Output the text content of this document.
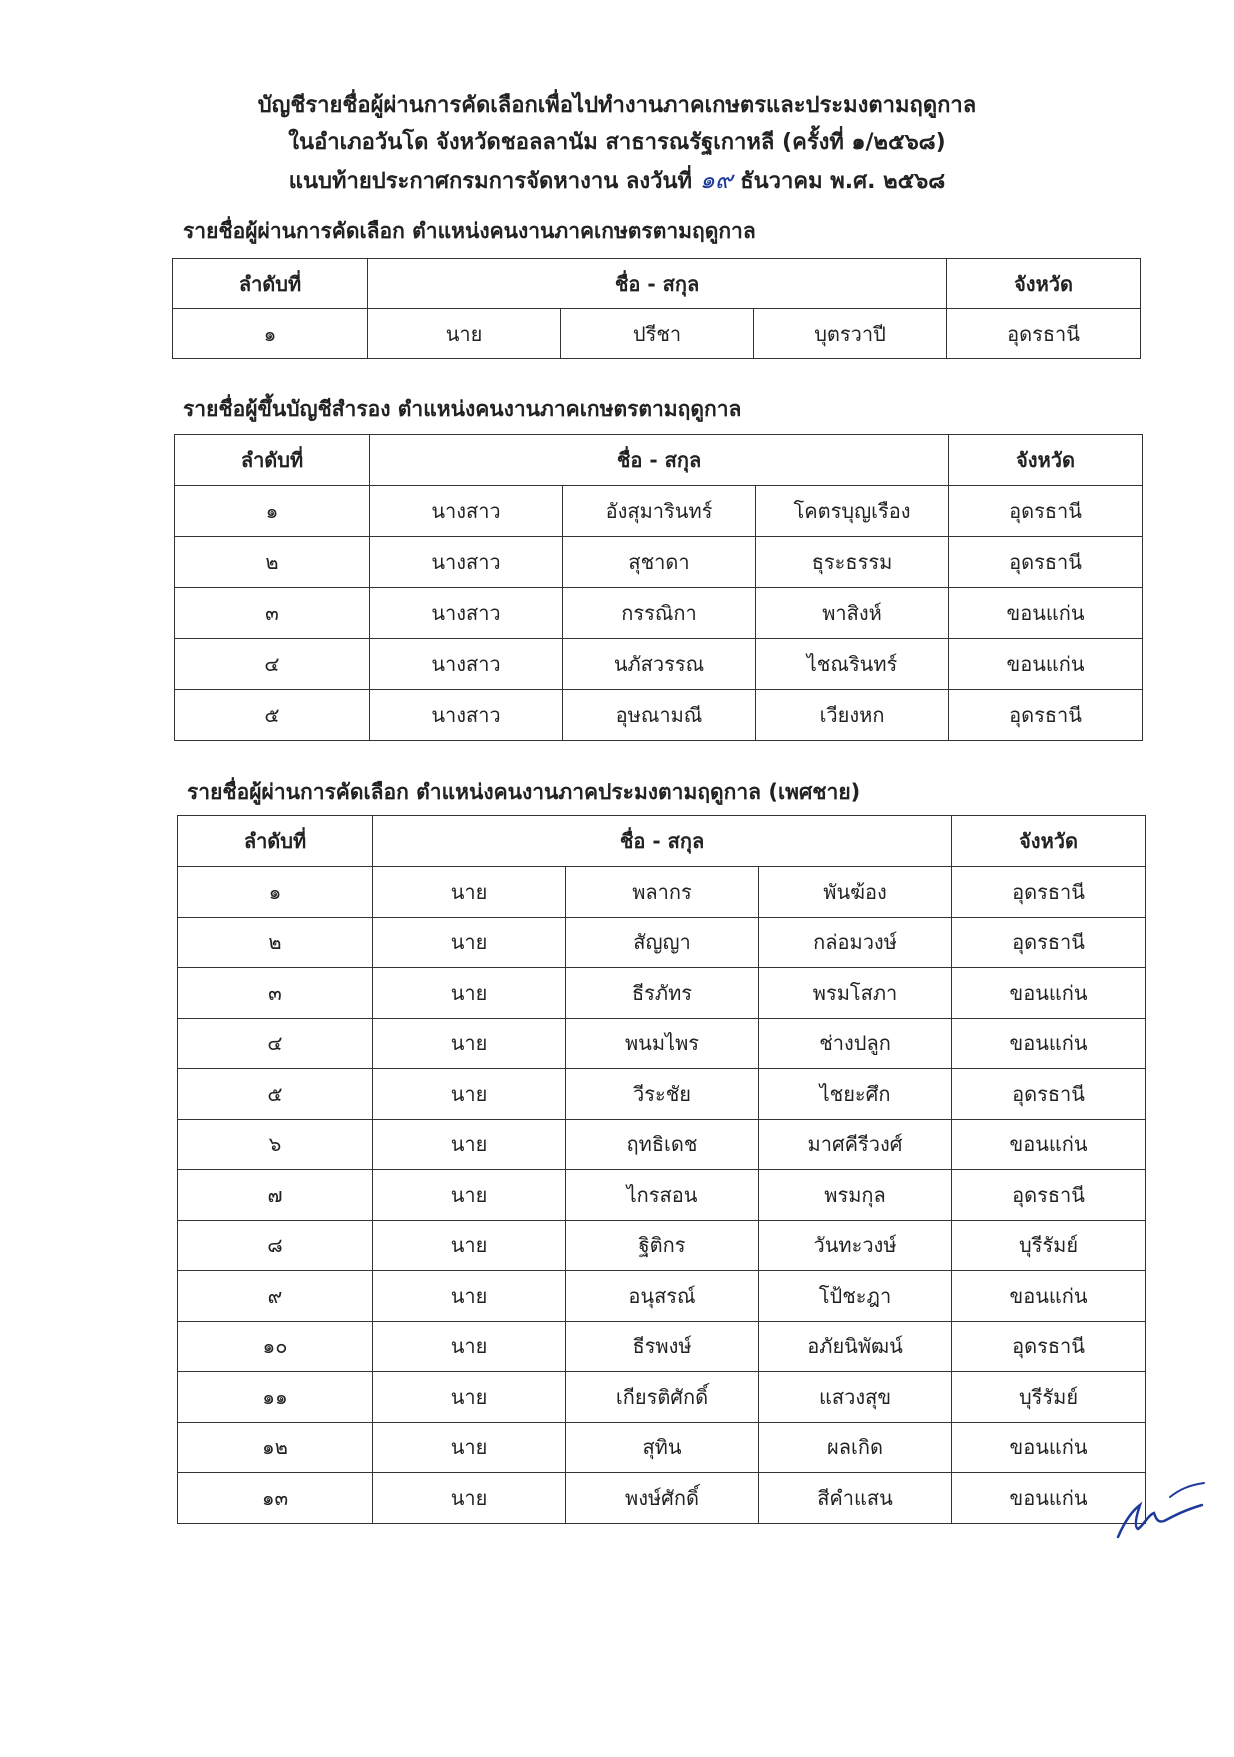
บัญชีรายชื่อผู้ผ่านการคัดเลือกเพื่อไปทำงานภาคเกษตรและประมงตามฤดูกาล
ในอำเภอวันโด จังหวัดชอลลานัม สาธารณรัฐเกาหลี (ครั้งที่ ๑/๒๕๖๘)
แนบท้ายประกาศกรมการจัดหางาน ลงวันที่ ๑๙ ธันวาคม พ.ศ. ๒๕๖๘
รายชื่อผู้ผ่านการคัดเลือก ตำแหน่งคนงานภาคเกษตรตามฤดูกาล
ลำดับที่	ชื่อ - สกุล			จังหวัด
๑	นาย	ปรีชา	บุตรวาปี	อุดรธานี
รายชื่อผู้ขึ้นบัญชีสำรอง ตำแหน่งคนงานภาคเกษตรตามฤดูกาล
ลำดับที่	ชื่อ - สกุล			จังหวัด
๑	นางสาว	อังสุมารินทร์	โคตรบุญเรือง	อุดรธานี
๒	นางสาว	สุชาดา	ธุระธรรม	อุดรธานี
๓	นางสาว	กรรณิกา	พาสิงห์	ขอนแก่น
๔	นางสาว	นภัสวรรณ	ไชณรินทร์	ขอนแก่น
๕	นางสาว	อุษณามณี	เวียงหก	อุดรธานี
รายชื่อผู้ผ่านการคัดเลือก ตำแหน่งคนงานภาคประมงตามฤดูกาล (เพศชาย)
ลำดับที่	ชื่อ - สกุล			จังหวัด
๑	นาย	พลากร	พันฆ้อง	อุดรธานี
๒	นาย	สัญญา	กล่อมวงษ์	อุดรธานี
๓	นาย	ธีรภัทร	พรมโสภา	ขอนแก่น
๔	นาย	พนมไพร	ช่างปลูก	ขอนแก่น
๕	นาย	วีระชัย	ไชยะศึก	อุดรธานี
๖	นาย	ฤทธิเดช	มาศคีรีวงศ์	ขอนแก่น
๗	นาย	ไกรสอน	พรมกุล	อุดรธานี
๘	นาย	ฐิติกร	วันทะวงษ์	บุรีรัมย์
๙	นาย	อนุสรณ์	โป้ชะฎา	ขอนแก่น
๑๐	นาย	ธีรพงษ์	อภัยนิพัฒน์	อุดรธานี
๑๑	นาย	เกียรติศักดิ์	แสวงสุข	บุรีรัมย์
๑๒	นาย	สุทิน	ผลเกิด	ขอนแก่น
๑๓	นาย	พงษ์ศักดิ์	สีคำแสน	ขอนแก่น
